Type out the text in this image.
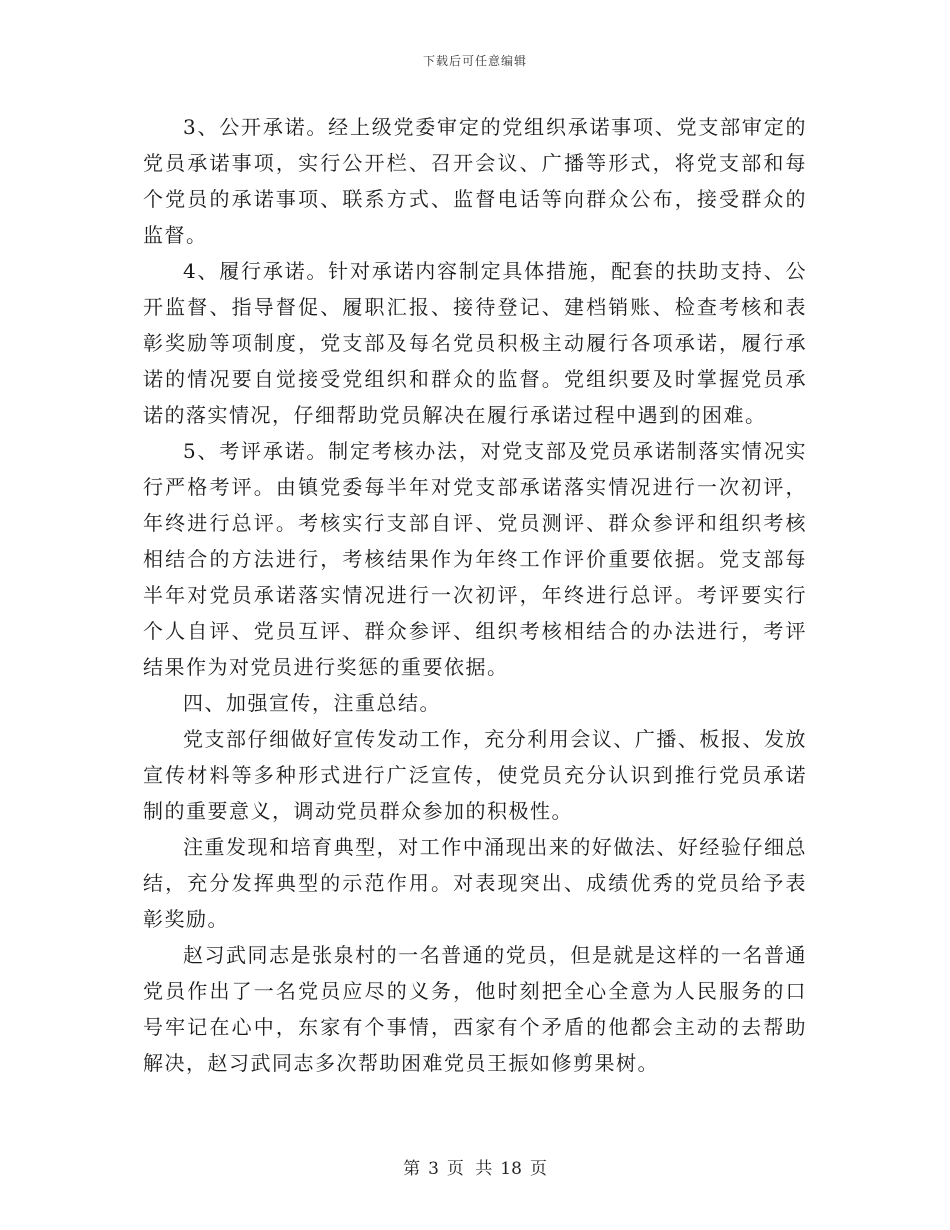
下载后可任意编辑

3、公开承诺。经上级党委审定的党组织承诺事项、党支部审定的党员承诺事项，实行公开栏、召开会议、广播等形式，将党支部和每个党员的承诺事项、联系方式、监督电话等向群众公布，接受群众的监督。

4、履行承诺。针对承诺内容制定具体措施，配套的扶助支持、公开监督、指导督促、履职汇报、接待登记、建档销账、检查考核和表彰奖励等项制度，党支部及每名党员积极主动履行各项承诺，履行承诺的情况要自觉接受党组织和群众的监督。党组织要及时掌握党员承诺的落实情况，仔细帮助党员解决在履行承诺过程中遇到的困难。

5、考评承诺。制定考核办法，对党支部及党员承诺制落实情况实行严格考评。由镇党委每半年对党支部承诺落实情况进行一次初评，年终进行总评。考核实行支部自评、党员测评、群众参评和组织考核相结合的方法进行，考核结果作为年终工作评价重要依据。党支部每半年对党员承诺落实情况进行一次初评，年终进行总评。考评要实行个人自评、党员互评、群众参评、组织考核相结合的办法进行，考评结果作为对党员进行奖惩的重要依据。

四、加强宣传，注重总结。

党支部仔细做好宣传发动工作，充分利用会议、广播、板报、发放宣传材料等多种形式进行广泛宣传，使党员充分认识到推行党员承诺制的重要意义，调动党员群众参加的积极性。

注重发现和培育典型，对工作中涌现出来的好做法、好经验仔细总结，充分发挥典型的示范作用。对表现突出、成绩优秀的党员给予表彰奖励。

赵习武同志是张泉村的一名普通的党员，但是就是这样的一名普通党员作出了一名党员应尽的义务，他时刻把全心全意为人民服务的口号牢记在心中，东家有个事情，西家有个矛盾的他都会主动的去帮助解决，赵习武同志多次帮助困难党员王振如修剪果树。

第 3 页 共 18 页
